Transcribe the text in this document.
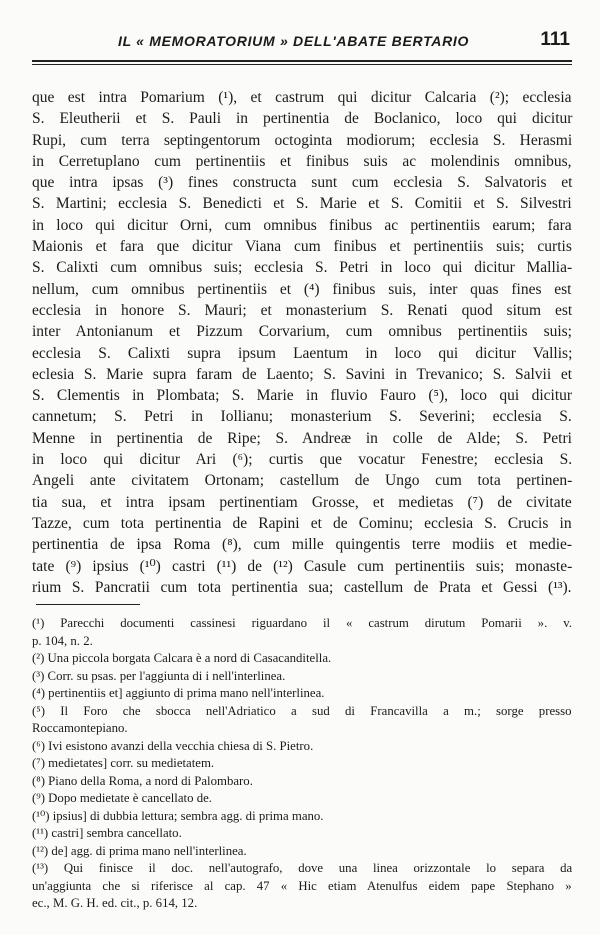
IL « MEMORATORIUM » DELL'ABATE BERTARIO	111
que est intra Pomarium (¹), et castrum qui dicitur Calcaria (²); ecclesia
S. Eleutherii et S. Pauli in pertinentia de Boclanico, loco qui dicitur
Rupi, cum terra septingentorum octoginta modiorum; ecclesia S. Herasmi
in Cerretuplano cum pertinentiis et finibus suis ac molendinis omnibus,
que intra ipsas (³) fines constructa sunt cum ecclesia S. Salvatoris et
S. Martini; ecclesia S. Benedicti et S. Marie et S. Comitii et S. Silvestri
in loco qui dicitur Orni, cum omnibus finibus ac pertinentiis earum; fara
Maionis et fara que dicitur Viana cum finibus et pertinentiis suis; curtis
S. Calixti cum omnibus suis; ecclesia S. Petri in loco qui dicitur Mallia-
nellum, cum omnibus pertinentiis et (⁴) finibus suis, inter quas fines est
ecclesia in honore S. Mauri; et monasterium S. Renati quod situm est
inter Antonianum et Pizzum Corvarium, cum omnibus pertinentiis suis;
ecclesia S. Calixti supra ipsum Laentum in loco qui dicitur Vallis;
eclesia S. Marie supra faram de Laento; S. Savini in Trevanico; S. Salvii et
S. Clementis in Plombata; S. Marie in fluvio Fauro (⁵), loco qui dicitur
cannetum; S. Petri in Iollianu; monasterium S. Severini; ecclesia S.
Menne in pertinentia de Ripe; S. Andreæ in colle de Alde; S. Petri
in loco qui dicitur Ari (⁶); curtis que vocatur Fenestre; ecclesia S.
Angeli ante civitatem Ortonam; castellum de Ungo cum tota pertinen-
tia sua, et intra ipsam pertinentiam Grosse, et medietas (⁷) de civitate
Tazze, cum tota pertinentia de Rapini et de Cominu; ecclesia S. Crucis in
pertinentia de ipsa Roma (⁸), cum mille quingentis terre modiis et medie-
tate (⁹) ipsius (¹⁰) castri (¹¹) de (¹²) Casule cum pertinentiis suis; monaste-
rium S. Pancratii cum tota pertinentia sua; castellum de Prata et Gessi (¹³).
(¹) Parecchi documenti cassinesi riguardano il « castrum dirutum Pomarii ». v.
p. 104, n. 2.
(²) Una piccola borgata Calcara è a nord di Casacanditella.
(³) Corr. su psas. per l'aggiunta di i nell'interlinea.
(⁴) pertinentiis et] aggiunto di prima mano nell'interlinea.
(⁵) Il Foro che sbocca nell'Adriatico a sud di Francavilla a m.; sorge presso
Roccamontepiano.
(⁶) Ivi esistono avanzi della vecchia chiesa di S. Pietro.
(⁷) medietates] corr. su medietatem.
(⁸) Piano della Roma, a nord di Palombaro.
(⁹) Dopo medietate è cancellato de.
(¹⁰) ipsius] di dubbia lettura; sembra agg. di prima mano.
(¹¹) castri] sembra cancellato.
(¹²) de] agg. di prima mano nell'interlinea.
(¹³) Qui finisce il doc. nell'autografo, dove una linea orizzontale lo separa da
un'aggiunta che si riferisce al cap. 47 « Hic etiam Atenulfus eidem pape Stephano »
ec., M. G. H. ed. cit., p. 614, 12.
